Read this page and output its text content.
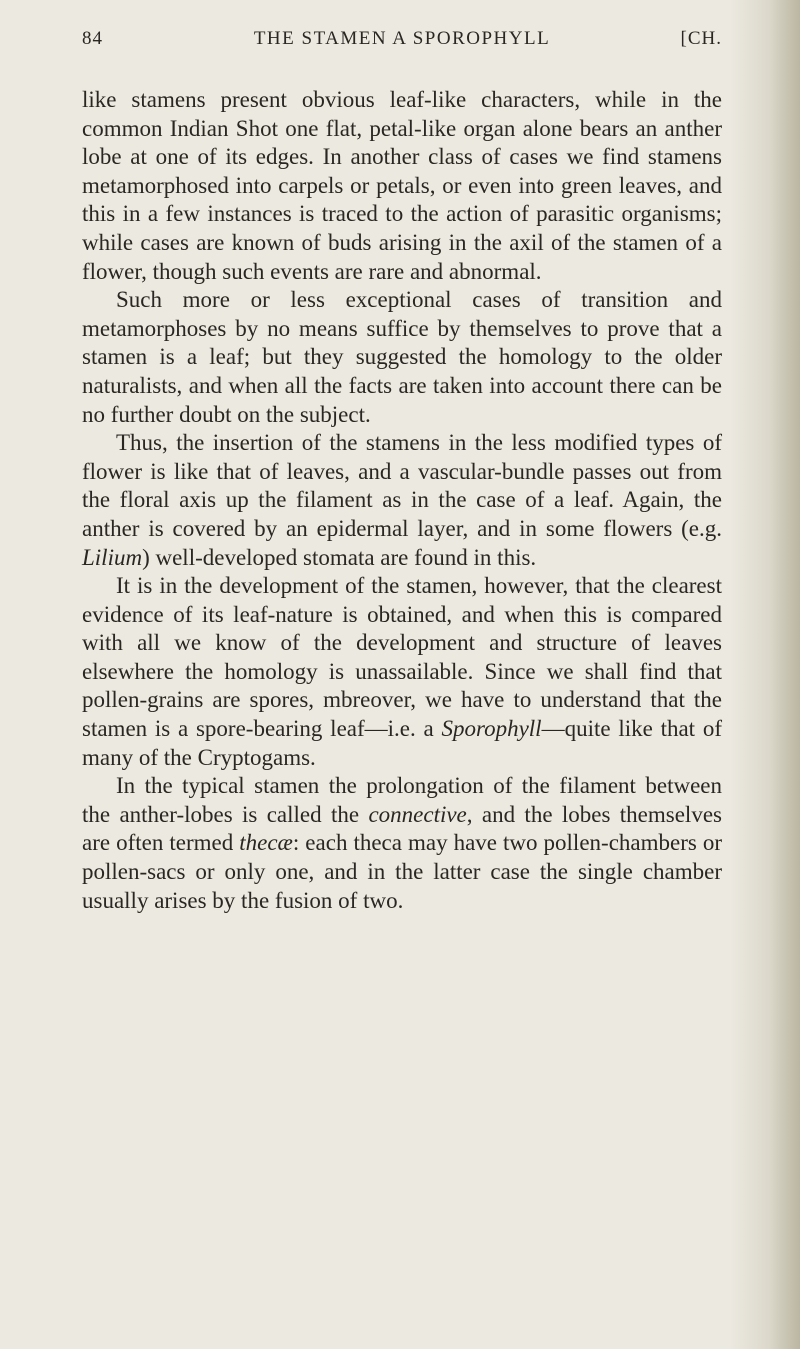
THE STAMEN A SPOROPHYLL
84	[CH.

like stamens present obvious leaf-like characters, while in the common Indian Shot one flat, petal-like organ alone bears an anther lobe at one of its edges. In another class of cases we find stamens metamorphosed into carpels or petals, or even into green leaves, and this in a few instances is traced to the action of parasitic organisms; while cases are known of buds arising in the axil of the stamen of a flower, though such events are rare and abnormal.

Such more or less exceptional cases of transition and metamorphoses by no means suffice by themselves to prove that a stamen is a leaf; but they suggested the homology to the older naturalists, and when all the facts are taken into account there can be no further doubt on the subject.

Thus, the insertion of the stamens in the less modified types of flower is like that of leaves, and a vascular-bundle passes out from the floral axis up the filament as in the case of a leaf. Again, the anther is covered by an epidermal layer, and in some flowers (e.g. Lilium) well-developed stomata are found in this.

It is in the development of the stamen, however, that the clearest evidence of its leaf-nature is obtained, and when this is compared with all we know of the development and structure of leaves elsewhere the homology is unassailable. Since we shall find that pollen-grains are spores, mbreover, we have to understand that the stamen is a spore-bearing leaf—i.e. a Sporophyll—quite like that of many of the Cryptogams.

In the typical stamen the prolongation of the filament between the anther-lobes is called the connective, and the lobes themselves are often termed thecæ: each theca may have two pollen-chambers or pollen-sacs or only one, and in the latter case the single chamber usually arises by the fusion of two.
